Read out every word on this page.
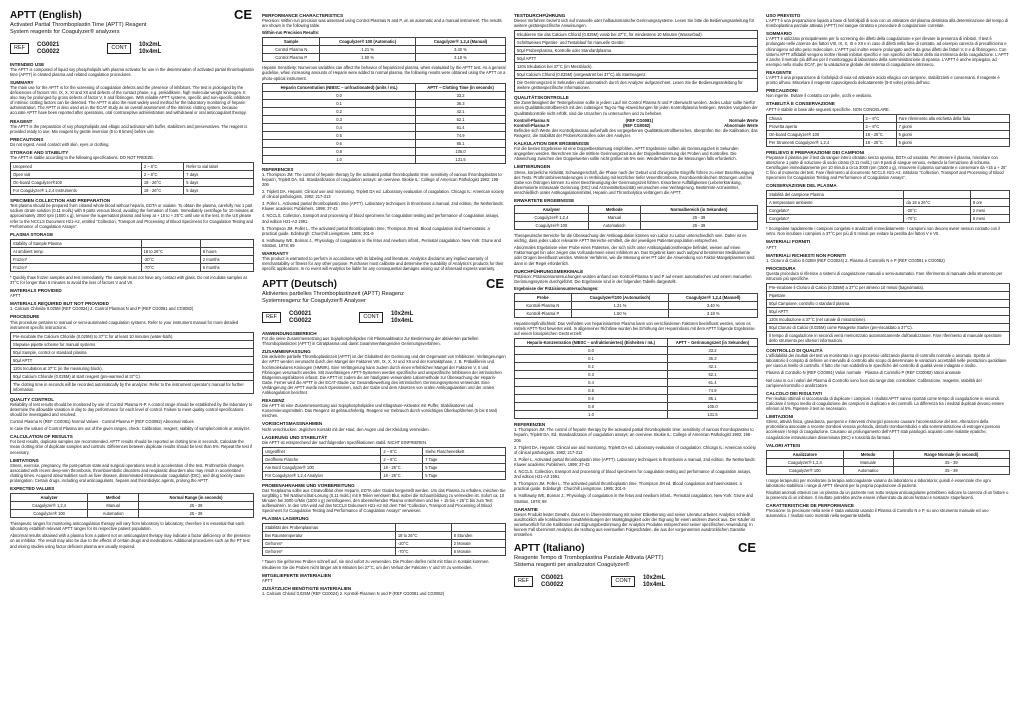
APTT (English)
Activated Partial Thromboplastin Time (APTT) Reagent
System reagents for Coagulyzer® analyzers
CE
REF
CG0021
CG0022
CONT
10x2mL
10x4mL
INTENDED USE
The APTT is composed of liquid soy phospholipids with plasma activator for use in the determination of activated partial thromboplastin time (APTT) in citrated plasma and related coagulation procedures.
SUMMARY
The main use for the APTT is for the screening of coagulation defects and the presence of inhibitors. The test is prolonged by the deficiencies of factors VIII, IX, X, XI and XII and defects of the contact phase, e.g. prekallikrein, high molecular weight kininogen. It also may be prolonged by gross defects of factor V, II and fibrinogen. With reliable APTT systems, specific and non-specific inhibitors of intrinsic clotting factors can be detected. The APTT is also the most widely used method for the laboratory monitoring of heparin administration. The APTT is also used as in the ECAT study as an overall assessment of the intrinsic clotting system, because accurate APTT have been reported after operations, oral contraceptive administration and withdrawal or oral anticoagulant therapy.
REAGENT
The APTT is the preparation of soy phospholipids and ellagic acid activator with buffer, stabilizers and preservatives. The reagent is provided ready to use. Mix reagent by gentle inversion (5 to 8 times) before use.
PRECAUTIONS
Do not ingest. Avoid contact with skin, eyes or clothing.
STORAGE AND STABILITY
The APTT is stable according to the following specifications. DO NOT FREEZE.
Unopened	2 – 8°C	Refer to vial label
Open vial	2 – 8°C	7 days
On-board Coagulyzer®100	18 - 26°C	5 days
For Coagulyzer® 1,2,4 Instruments	18 - 26°C	5 days
SPECIMEN COLLECTION AND PREPARATION
Test plasma should be prepared from citrated whole blood without heparin, EDTA or oxalate. To obtain the plasma, carefully mix 1 part sodium citrate solution (0.11 mol/L) with 9 parts venous blood, avoiding the formation of foam. Immediately centrifuge for 10 minutes at approximately 3000 rpm (1500 x g), remove the supernatant plasma and keep at + 15 to + 25°C until use in the test. In the US please refer to the NCCLS Document H21-A2, entitled "Collection, Transport and Processing of Blood Specimens for Coagulation Testing and Performance of Coagulation Assays".
PLASMA STORAGE
Stability of Sample Plasma		
At ambient temp.	18 to 26°C	8 hours
Frozen*	-20°C	2 months
Frozen*	-70°C	6 months
* Quickly thaw frozen samples and test immediately. The sample must not have any contact with glass. Do not incubate samples at 37°C for longer than 5 minutes to avoid the loss of factors V and VII.
MATERIALS PROVIDED
APTT
MATERIALS REQUIRED BUT NOT PROVIDED
1. Calcium Chloride 0.025M (REF CG0024) 2. Control Plasmas N and P (REF CG0081 and CG0082)
PROCEDURE
This procedure pertains to manual or semi-automated coagulation systems. Refer to your instrument manual for more detailed instrument specific instructions.
Pre-incubate the Calcium Chloride (0.025M) to 37°C for at least 10 minutes (water-bath).
Stepwise pipette scheme for manual systems
50µl Sample, control or standard plasma
50µl APTT
120s Incubation at 37°C (in the measuring block).
50µl Calcium Chloride (0.025M) at start reagent (pre-warmed at 37°C).
The clotting time in seconds will be recorded automatically by the analyzer. Refer to the instrument operator's manual for further information.
QUALITY CONTROL
Reliability of test results should be monitored by use of Control Plasma N-P. A control range should be established by the laboratory to determine the allowable variation in day to day performance for each level of control. Failure to meet quality control specifications should be investigated and resolved.
Control Plasma N (REF CG0081) Normal Values · Control Plasma P (REF CG0082) Abnormal Values
In case the values of Control Plasma are out of the given ranges, check: Calibration, reagent, stability of sample/controls or analyzer.
CALCULATION OF RESULTS
For best results, duplicate samples are recommended. APTT results should be reported as clotting time in seconds. Calculate the mean clotting time of duplicate samples and controls. Differences between duplicate results should be less than 5%. Repeat the test if necessary.
LIMITATIONS
Stress, exercise, pregnancy, the post-partum state and surgical operations result in acceleration of the test. Prothrombin changes associated with recent deep-vein thrombosis, thromboembolic disorders and neoplastic disorders also may result in accelerated clotting times. Acquired abnormalities such as liver disease, disseminated intravascular coagulation (DIC), and drug toxicity cause prolongation. Certain drugs, including oral anticoagulants, heparin and thrombolytic agents, prolong the APTT.
EXPECTED VALUES
Analyzer	Method	Normal Range (in seconds)
Coagulyzer® 1,2,4	Manual	25 - 39
Coagulyzer® 100	Automation	25 - 39
Therapeutic ranges for monitoring anticoagulation therapy will vary from laboratory to laboratory; therefore it is essential that each laboratory establish relevant APTT ranges for its respective patient population.
Abnormal results obtained with a plasma from a patient not on anticoagulant therapy may indicate a factor deficiency or the presence on an inhibitor. The result may also be due to the effects of certain drugs and medications. Additional procedures such as the PT test and mixing studies using factor deficient plasma are usually required.
PERFORMANCE CHARACTERISTICS
Precision: Within-run precision was assessed using Control Plasmas N and P, on an automatic and a manual instrument. The results are shown in the following table.
Within-run Precision Results:
Sample	Coagulyzer® 100 (Automatic)	Coagulyzer® 1,2,4 (Manual)
Control Plasma N	1.21 %	3.40 %
Control Plasma P	1.50 %	3.18 %
Heparin Sensitivity: Numerous variables can affect the behavior of heparinized plasma, when evaluated by the APTT test. As a general guideline, when increasing amounts of Heparin were added to normal plasma, the following results were obtained using the APTT on a photo-optical instrument.
Heparin Concentration (NIBSC – unfractionated) (units / mL)	APTT – Clotting Time (in seconds)
0.0	33.2
0.1	36.3
0.2	42.1
0.3	52.1
0.4	61.4
0.5	74.9
0.6	85.1
0.8	105.0
1.0	131.5
REFERENCES
1. Thompson JM. The control of heparin therapy by the activated partial thromboplastin time: sensitivity of various thromboplastins to heparin, Triplett DA, Ed. Standardization of coagulation assays: an overview. Skokie IL: College of American Pathologist 1982; 195-206
2. Triplett DA. Heparin: Clinical use and monitoring. Triplett DA ed. Laboratory evaluation of coagulation. Chicago IL: American society of clinical pathologists, 1982; 217-313
3. Poller L. Activated partial thromboplastin time (APTT). Laboratory techniques in thrombosis a manual, 2nd edition, the Netherlands: Kluwer academic Publishers, 1999; 37-43
4. NCCLS. Collection, transport and processing of blood specimens for coagulation testing and performance of coagulation assays, 2nd edition H21-A3 1991.
5. Thompson JM, Poller L. The activated partial thromboplastin time, Thompson JM ed. Blood coagulation and haemostasis: a practical guide. Edinburgh: Churchill Livingstone, 1985; 301-9
6. Hathaway WE, Bonnar J., Physiology of coagulation in the fetus and newborn infant., Perinatal coagulation. New York: Grune and Stratton, 1978; 69
WARRANTY
This product is warranted to perform in accordance with its labeling and literature. Analytics disclaims any implied warranty of merchantability or fitness for any other purpose. Purchaser must calibrate and determine the suitability of Analytics's products for their specific applications. In no event will Analytics be liable for any consequential damages arising out of aforesaid express warranty.
APTT (Deutsch)
Aktiviertes partielles Thromboplastinzeit (APTT) Reagenz
Systemreagenz für Coagulyzer® Analyser
CE
REF
CG0021
CG0022
CONT
10x2mL
10x4mL
ANWENDUNGSBEREICH
Für die seine Zusammensetzung aus Sojaphospholipiden mit Plasmaaktivator zur Bestimmung der aktivierten partiellen Thromboplastinzeit (APTT) in Citratplasma und damit zusammenhängenden Gerinnungsverfahren.
ZUSAMMENFASSUNG
Die aktivierte partielle Thromboplastinzeit (APTT) ist der Globaltest der Gerinnung und der Gegenwart von Inhibitoren. Verlängerungen der APTT werden verursacht durch den Mangel der Faktoren VIII, IX, X, XI und XII und der Kontaktphase, z. B. Präkallikrein und hochmolekulares Kininogen (HMWK). Eine Verlängerung kann zudem durch einen erheblichen Mangel der Faktoren V, II und Fibrinogen verursacht werden. Mit zuverlässigen APTT-Systemen werden spezifische und unspezifische Inhibitoren der intrinsischen Blutgerinnungsfaktoren erfasst. Die APTT ist zudem die am häufigsten verwendete Labormethode zur Überwachung der Heparin-Gabe. Ferner wird die APTT in der ECAT-Studie zur Gesamtbewertung des intrinsischen Gerinnungssystems verwendet. Eine Verlängerung der APTT wurde nach Operationen, nach der Gabe und dem Absetzen von oralen Antikoagulantien und der oralen Antikoagulation berichtet.
REAGENZ
Die APTT ist eine Zusammensetzung aus Sojaphospholipiden und Ellagsäure-Aktivator mit Puffer, Stabilisatoren und Konservierungsmitteln. Das Reagenz ist gebrauchsfertig. Reagenz vor Gebrauch durch vorsichtiges Überkopfdrehen (5 bis 8 Mal) mischen.
VORSICHTSMASSNAHMEN
Nicht verschlucken. Jeglichen Kontakt mit der Haut, den Augen und der Kleidung vermeiden.
LAGERUNG UND STABILITÄT
Die APTT ist entsprechend der nachfolgenden Spezifikationen stabil. NICHT EINFRIEREN.
Ungeöffnet	2 – 8°C	Siehe Flaschenetikett
Geöffnete Flasche	2 – 8°C	7 Tage
Am Bord Coagulyzer® 100	18 - 26°C	5 Tage
Für Coagulyzer® 1,2,4 Analyser	18 - 26°C	5 Tage
PROBENAHNAHME UND VORBEREITUNG
Das Testplasma sollte aus Citratvollblut ohne Heparin, EDTA oder Oxalat hergestellt werden. Um das Plasma zu erhalten, mischen Sie sorgfältig 1 Teil Natriumcitrat-Lösung (0,11 mol/L) mit 9 Teilen venösem Blut, wobei die Schaumbildung zu vermeiden ist. Sofort ca. 10 Minuten bei 3000 U/Min (1500 x g) zentrifugieren, den überstehenden Plasma entnehmen und bei + 15 bis + 25°C bis zum Test aufbewahren. In den USA wird auf das NCCLS Dokument H21-A2 mit dem Titel "Collection, Transport and Processing of Blood Specimens for Coagulation Testing and Performance of Coagulation Assays" verwiesen.
PLASMA LAGERUNG
Stabilität des Probenplasmas		
Bei Raumtemperatur	18 to 26°C	8 Stunden
Gefroren*	-20°C	2 Monate
Gefroren*	-70°C	6 Monate
* Tauen Sie gefrorene Proben schnell auf, sie sind sofort zu verwenden. Die Proben dürfen nicht mit Glas in Kontakt kommen. Inkubieren Sie die Proben nicht länger als 5 Minuten bei 37°C, um den Verlust der Faktoren V und VII zu vermeiden.
MITGELIEFERTE MATERIALIEN
APTT
ZUSÄTZLICH BENÖTIGTE MATERIALIEN
1. Calcium Chlorid 0,025M (REF CG0024) 2. Kontroll-Plasmen N und P (REF CG0081 und CG0082)
TESTDURCHFÜHRUNG
Dieses Verfahren bezieht sich auf manuelle oder halbautomatische Gerinnungssysteme. Lesen Sie bitte die Bedienungsanleitung für weitere gerätespezifische Anweisungen.
Inkubieren Sie das Calcium Chlorid (0.025M) vorab bei 37°C, für mindestens 10 Minuten (Wasserbad).
Schrittweises Pipettier- und Testablauf für manuelle Geräte:
50µl Probenplasma, Kontrolle oder Standardplasma
50µl APTT
120s Inkubation bei 37°C (im Messblock).
50µl Calcium Chlorid (0.025M) (vorgewärmt bei 37°C) als Startreagenz.
Die Gerinnungszeit in Sekunden wird automatisch durch den Analyzer aufgezeichnet. Lesen Sie die Bedienungsanleitung für weitere gerätespezifische Informationen.
QUALITÄTSKONTROLLE
Die Zuverlässigkeit der Testergebnisse sollte in jedem Lauf mit Control Plasma N und P überwacht werden. Jedes Labor sollte hierfür einen Qualitätskontrollbereich mit den zulässigen Tag-zu-Tag-Abweichungen für jeden Kontrollplasma festlegen. Werden Vorgaben der Qualitätskontrolle nicht erfüllt, sind die Ursachen zu untersuchen und zu beheben.
Kontroll-Plasma N	(REF CG0081)	Normale Werte
Kontroll-Plasma P	(REF CG0082)	Abnormale Werte
Befinden sich Werte des Kontrollplasmas außerhalb des vorgegebenen Qualitätskontrollbereiches, überprüfen Sie: die Kalibration, das Reagenz, die Stabilität der Proben/Kontrollen oder den Analyzer.
KALKULATION DER ERGEBNISSE
Für die besten Ergebnisse ist eine Doppelbestimmung empfohlen. APTT Ergebnisse sollten als Gerinnungszeit in Sekunden angegeben werden. Berechnen Sie die mittlere Gerinnungszeit aus der Doppelbestimmung der Proben und Kontrollen. Die Abweichung zwischen den Doppelwerten sollte nicht größer als 5% sein. Wiederholen Sie die Messungen falls erforderlich.
LIMITIERUNGEN
Stress, körperliche Aktivität, Schwangerschaft, die Phase nach der Geburt und chirurgische Eingriffe führen zu einer Beschleunigung des Tests. Prothrombinveränderungen in Verbindung mit kürzlicher tiefer Venenthrombose, thromboembolischen Störungen und bei Gabe von Östrogen können zu einer Beschleunigung der Gerinnungszeit führen. Erworbene Auffälligkeiten (Lebererkrankung, disseminierte intravasale Gerinnung (DIC) und Arzneimitteltoxizität) verursachen eine Verlängerung. Bestimmte Arzneimittel, einschließlich oraler Antikoagulationsmittel, Heparin und Thrombolytica verlängern die APTT.
ERWARTETE ERGEBNISSE
Analyser	Methode	Normalbereich (in Sekunden)
Coagulyzer® 1,2,4	Manual	25 - 39
Coagulyzer® 100	Automatisch	25 - 39
Therapeutische Bereiche für die Überwachung der Antikoagulation können von Labor zu Labor unterschiedlich sein. Daher ist es wichtig, dass jedes Labor relevante APTT Bereiche ermittelt, die der jeweiligen Patientenpopulation entsprechen.
Abnormales Ergebnisse einer Probe eines Patienten, der sich nicht unter Antikoagulationstherapie befindet, weisen auf einen Faktormangel hin oder zeigen das Vorhandensein eines Inhibitors an. Das Ergebnis kann auch aufgrund bestimmter Medikamente oder Drogen beeinflusst werden. Weitere Verfahren, wie die Messung einer PT oder die Anwendung von Faktor-Mangelplasmen sind dann in der Regel erforderlich.
DURCHFÜHRUNGSMERKMALE
Präzision: Präzisionsuntersuchungen wurden anhand von Kontroll-Plasma N und P auf einem automatischen und einem manuellen Gerinnungssystem durchgeführt. Die Ergebnisse sind in der folgenden Tabelle dargestellt.
Ergebnisse der Präzisionsuntersuchungen:
Probe	Coagulyzer®100 (Automatisch)	Coagulyzer® 1,2,4 (Manuell)
Kontroll-Plasma N	1.21 %	3.40 %
Kontroll-Plasma P	1.50 %	3.18 %
Heparinempfindlichkeit: Das Verhalten von heparinisiertem Plasma kann von verschiedenen Faktoren beeinflusst werden, wenn es mittels APTT-Test bewertet wird. In allgemeiner Richtlinie wurden bei Erhöhung der Heparindosis mit dem APTT folgende Ergebnisse auf einem fotooptischen Gerät erzielt:
Heparin-Konzentration (NIBSC – unfraktioniertes) (Einheiten / mL)	APTT – Gerinnungszeit (in Sekunden)
0.0	33.2
0.1	36.3
0.2	42.1
0.3	52.1
0.4	61.4
0.5	74.9
0.6	85.1
0.8	105.0
1.0	131.5
REFERENZEN
1. Thompson JM. The control of heparin therapy by the activated partial thromboplastin time: sensitivity of various thromboplastins to heparin, Triplett DA, Ed. Standardization of coagulation assays: an overview. Skokie IL: College of American Pathologist 1982; 195-206
2. Triplett DA. Heparin: Clinical use and monitoring. Triplett DA ed. Laboratory evaluation of coagulation. Chicago IL: American society of clinical pathologists, 1982; 217-313
3. Poller L. Activated partial thromboplastin time (APTT). Laboratory techniques in thrombosis a manual, 2nd edition, the Netherlands: Kluwer academic Publishers, 1999; 37-43
4. NCCLS. Collection, transport and processing of blood specimens for coagulation testing and performance of coagulation assays, 2nd edition H21-A3 1991.
5. Thompson JM, Poller L. The activated partial thromboplastin time, Thompson JM ed. Blood coagulation and haemostasis: a practical guide. Edinburgh: Churchill Livingstone, 1985; 301-9
6. Hathaway WE, Bonnar J., Physiology of coagulation in the fetus and newborn infant., Perinatal coagulation. New York: Grune and Stratton, 1978; 69
GARANTIE
Dieses Produkt leistet Gewähr, dass es in Übereinstimmung mit seiner Etikettierung und seiner Literatur arbeitet. Analytics schließt ausdrücklich alle konkludenten Gewährleistungen der Marktgängigkeit oder der Eignung für einen anderen Zweck aus. Der Käufer ist verantwortlich für die Kalibration und Eignungsbestimmung der Analytics Produkte entsprechend seiner spezifischen Anwendung. In keinem Fall übernimmt Analytics die Haftung aus eventuellen Folgeschäden, die aus der vorgenannten ausdrücklichen Garantie entstehen.
APTT (Italiano)
Reagente Tempo di Tromboplastina Parziale Attivata (APTT)
Sistema reagenti per analizzatori Coagulyzer®
CE
REF
CG0021
CG0022
CONT
10x2mL
10x4mL
USO PREVISTO
L'APTT è una preparazione liquida a base di fosfolipidi di soia con un attivatore del plasma destinata alla determinazione del tempo di tromboplastina parziale attivata (APTT) nel sangue citratato e procedure di coagulazione correlate.
SOMMARIO
L'APTT è utilizzato principalmente per lo screening dei difetti della coagulazione e per rilevare la presenza di inibitori. Il test è prolungato nelle carenze dei fattori VIII, IX, X, XI e XII e in caso di difetti nella fase di contatto, ad esempio carenza di precallicreina e chininogeno ad alto peso molecolare. L'APTT può inoltre essere prolungato anche da gravi difetti dei fattori V, II e di fibrinogeno. Con sistemi APTT affidabili vengono inoltre rilevati inibitori specifici e non specifici dei fattori della via intrinseca della coagulazione. L'APTT è anche il metodo più diffuso per il monitoraggio di laboratorio della somministrazione di eparina. L'APTT è anche impiegato, ad esempio nello studio ECAT, per la valutazione globale del sistema di coagulazione intrinseco.
REAGENTE
L'APTT è una preparazione di fosfolipidi di soia ed attivatore acido ellagico con tampone, stabilizzanti e conservanti. Il reagente è pronto all'uso. Miscelare il reagente capovolgendo delicatamente (5-8 volte) prima dell'uso.
PRECAUZIONI
Non ingerire. Evitare il contatto con pelle, occhi e vestiario.
STABILITÀ E CONSERVAZIONE
APTT è stabile in base alle seguenti specifiche. NON CONGELARE.
Chiusa	2 – 8°C	Fare riferimento alla etichetta della fiala
Provetta aperta	2 – 8°C	7 giorni
On-board Coagulyzer® 100	18 - 26°C	5 giorni
Per Strumenti Coagulyzer® 1,2,4	18 - 26°C	5 giorni
PRELIEVO E PREPARAZIONE DEI CAMPIONI
Preparare il plasma per il test da sangue intero citratato senza eparina, EDTA od ossalato. Per ottenere il plasma, miscelare con attenzione 1 parte di soluzione di sodio citrato (0.11 mol/L) con 9 parti di sangue venoso, evitando la formazione di schiuma. Centrifugare immediatamente per 10 minuti a circa 3000 rpm (1500 x g), rimuovere il plasma surnatante e conservare da +15 a + 25° C fino al momento del test. Fare riferimento al documento NCCLS H21-A2, intitolato "Collection, Transport and Processing of Blood Specimens for Coagulation Testing and Performance of Coagulation Assays".
CONSERVAZIONE DEL PLASMA
Stabilità del campione Plasma		
A temperature ambiente	da 18 a 26°C	8 ore
Congelato*	-20°C	2 mesi
Congelato*	-70°C	6 mesi
* Scongelare rapidamente i campioni congelati e analizzarli immediatamente. I campioni non devono avere nessun contatto con il vetro. Non incubare i campioni a 37°C per più di 5 minuti per evitare la perdita dei fattori V e VII.
MATERIALI FORNITI
APTT
MATERIALI RICHIESTI NON FORNITI
1. Cloruro di Calcio 0.025M (REF CG0024) 2. Plasma di Controllo N e P (REF CG0081 e CG0082)
PROCEDURA
Questa procedura si riferisce a sistemi di coagulazione manuali o semi-automatici. Fare riferimento al manuale dello strumento per istruzioni più specifiche.
Pre-incubare il Cloruro di Calcio (0.025M) a 37°C per almeno 10 minuti (bagnomaria).
Pipettare
50µl Campione, controllo o standard plasma
50µl APTT
120s Incubazione a 37°C (nel canale di misurazione).
50µl Cloruro di Calcio (0.025M) come Reagente Starter (pre-riscaldato a 37°C).
Il tempo di coagulazione in secondi verrà memorizzato automaticamente dall'analizzatore. Fare riferimento al manuale operatore dello strumento per ulteriori informazioni.
CONTROLLO DI QUALITÀ
L'affidabilità dei risultati del test va monitorata in ogni processo utilizzando plasma di controllo normale o anomalo. Spetta al laboratorio il compito di definire un intervallo di controllo allo scopo di determinare le variazioni accettabili nelle prestazioni quotidiane per ciascun livello di controllo. Il fatto che non soddisfino le specifiche del controllo di qualità viene indagato e risolto.
Plasma di Controllo N (REF CG0081) Valori normale · Plasma di Controllo P (REF CG0082) Valori anomale
Nel caso in cui i valori del Plasma di Controllo sono fuori dai range dati, controllare: Calibrazione, reagente, stabilità del campione/controllo o analizzatore.
CALCOLO DEI RISULTATI
Per risultati ottimali si raccomanda di duplicare i campioni. I risultati APTT vanno riportati come tempo di coagulazione in secondi. Calcolare il tempo medio di coagulazione dei campioni in duplicato e dei controlli. La differenza tra i risultati duplicati devono essere inferiori al 5%. Ripetere il test se necessario.
LIMITAZIONI
Stress, attività fisica, gravidanza, puerperio e interventi chirurgici possono causare l'accelerazione del test. Alterazioni della protrombina associate a recente trombosi venosa profonda, disturbi tromboembolici e alla somministrazione di estrogeni possono accelerare i tempi di coagulazione. Causano un prolungamento dell'APTT stati patologici acquisiti come malattie epatiche, coagulazione intravascolare disseminata (DIC) e tossicità da farmaci.
VALORI ATTESI
Analizzatore	Metodo	Range Normale (in secondi)
Coagulyzer® 1,2,4	Manuale	25 - 39
Coagulyzer® 100	Automatico	25 - 39
I range terapeutici per monitorare la terapia anticoagulante variano da laboratorio a laboratorio; quindi è essenziale che ogni laboratorio stabilisca i range di APTT rilevanti per la propria popolazione di pazienti.
Risultati anomali ottenuti con un plasma da un paziente non sotto terapia anticoagulante potrebbero indicare la carenza di un fattore o la presenza di un inibitore. Il risultato potrebbe anche essere influenzato da alcuni farmaci e sostanze stupefacenti.
CARATTERISTICHE DE PERFORMANCE
Precisione: la precisione nella serie è stata valutata usando il Plasma di Controllo N e P, su uno strumento manuale ed uno automatico. I risultati sono mostrati nella seguente tabella.
